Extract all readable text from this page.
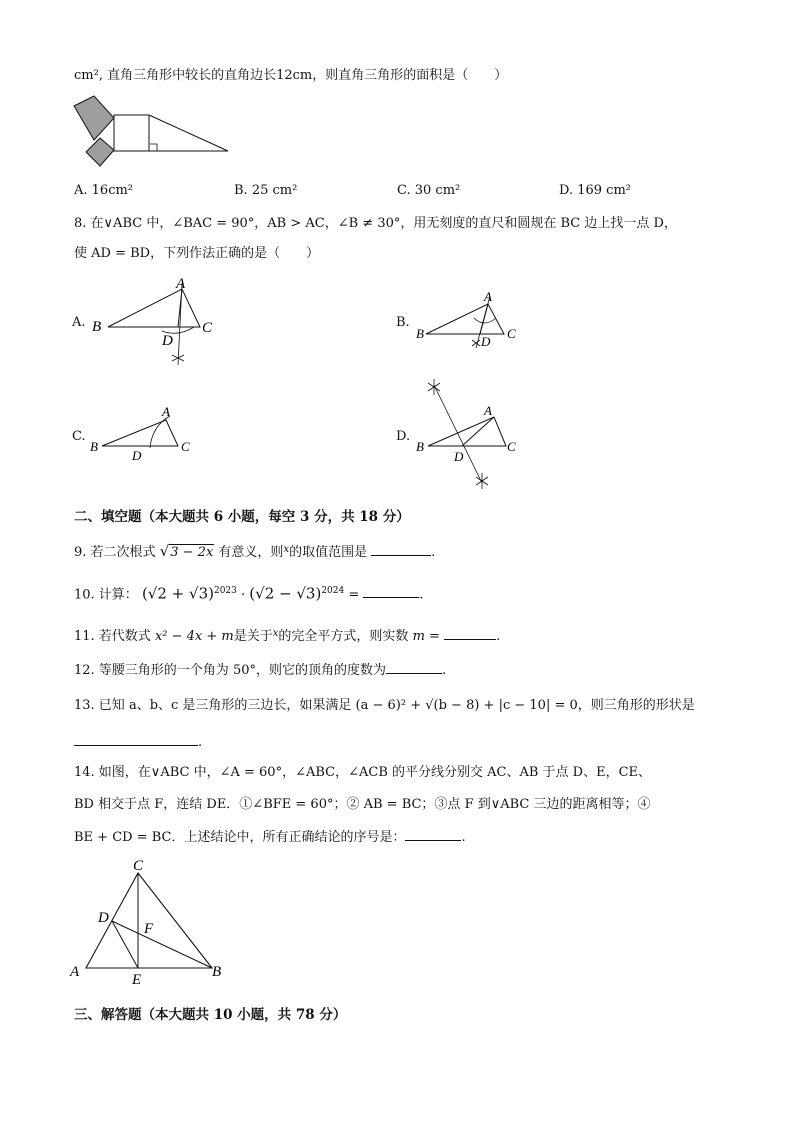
cm², 直角三角形中较长的直角边长12cm，则直角三角形的面积是（　　）
A. 16cm²	B. 25 cm²	C. 30 cm²	D. 169 cm²
8. 在∨ABC 中，∠BAC = 90°，AB > AC，∠B ≠ 30°，用无刻度的直尺和圆规在 BC 边上找一点 D，
使 AD = BD，下列作法正确的是（　　）
A.
A
B	C
D
B.
A
B	C
D
C.
A
B	C
D
D.
A
B	C
D
二、填空题（本大题共 6 小题，每空 3 分，共 18 分）
9. 若二次根式 √3 − 2x 有意义，则$^x$的取值范围是	.
10. 计算： $(√2 + √3)^{2023} \cdot (√2 - √3)^{2024}$ =	.
11. 若代数式 x² − 4x + m是关于$^x$的完全平方式，则实数 m =	.
12. 等腰三角形的一个角为 50°，则它的顶角的度数为	.
13. 已知 a、b、c 是三角形的三边长，如果满足 (a − 6)² + √(b − 8) + |c − 10| = 0，则三角形的形状是
.
14. 如图，在∨ABC 中，∠A = 60°，∠ABC，∠ACB 的平分线分别交 AC、AB 于点 D、E，CE、
BD 相交于点 F，连结 DE．①∠BFE = 60°；② AB = BC；③点 F 到∨ABC 三边的距离相等；④
BE + CD = BC．上述结论中，所有正确结论的序号是：	.
C
D
F
A	E	B
三、解答题（本大题共 10 小题，共 78 分）
